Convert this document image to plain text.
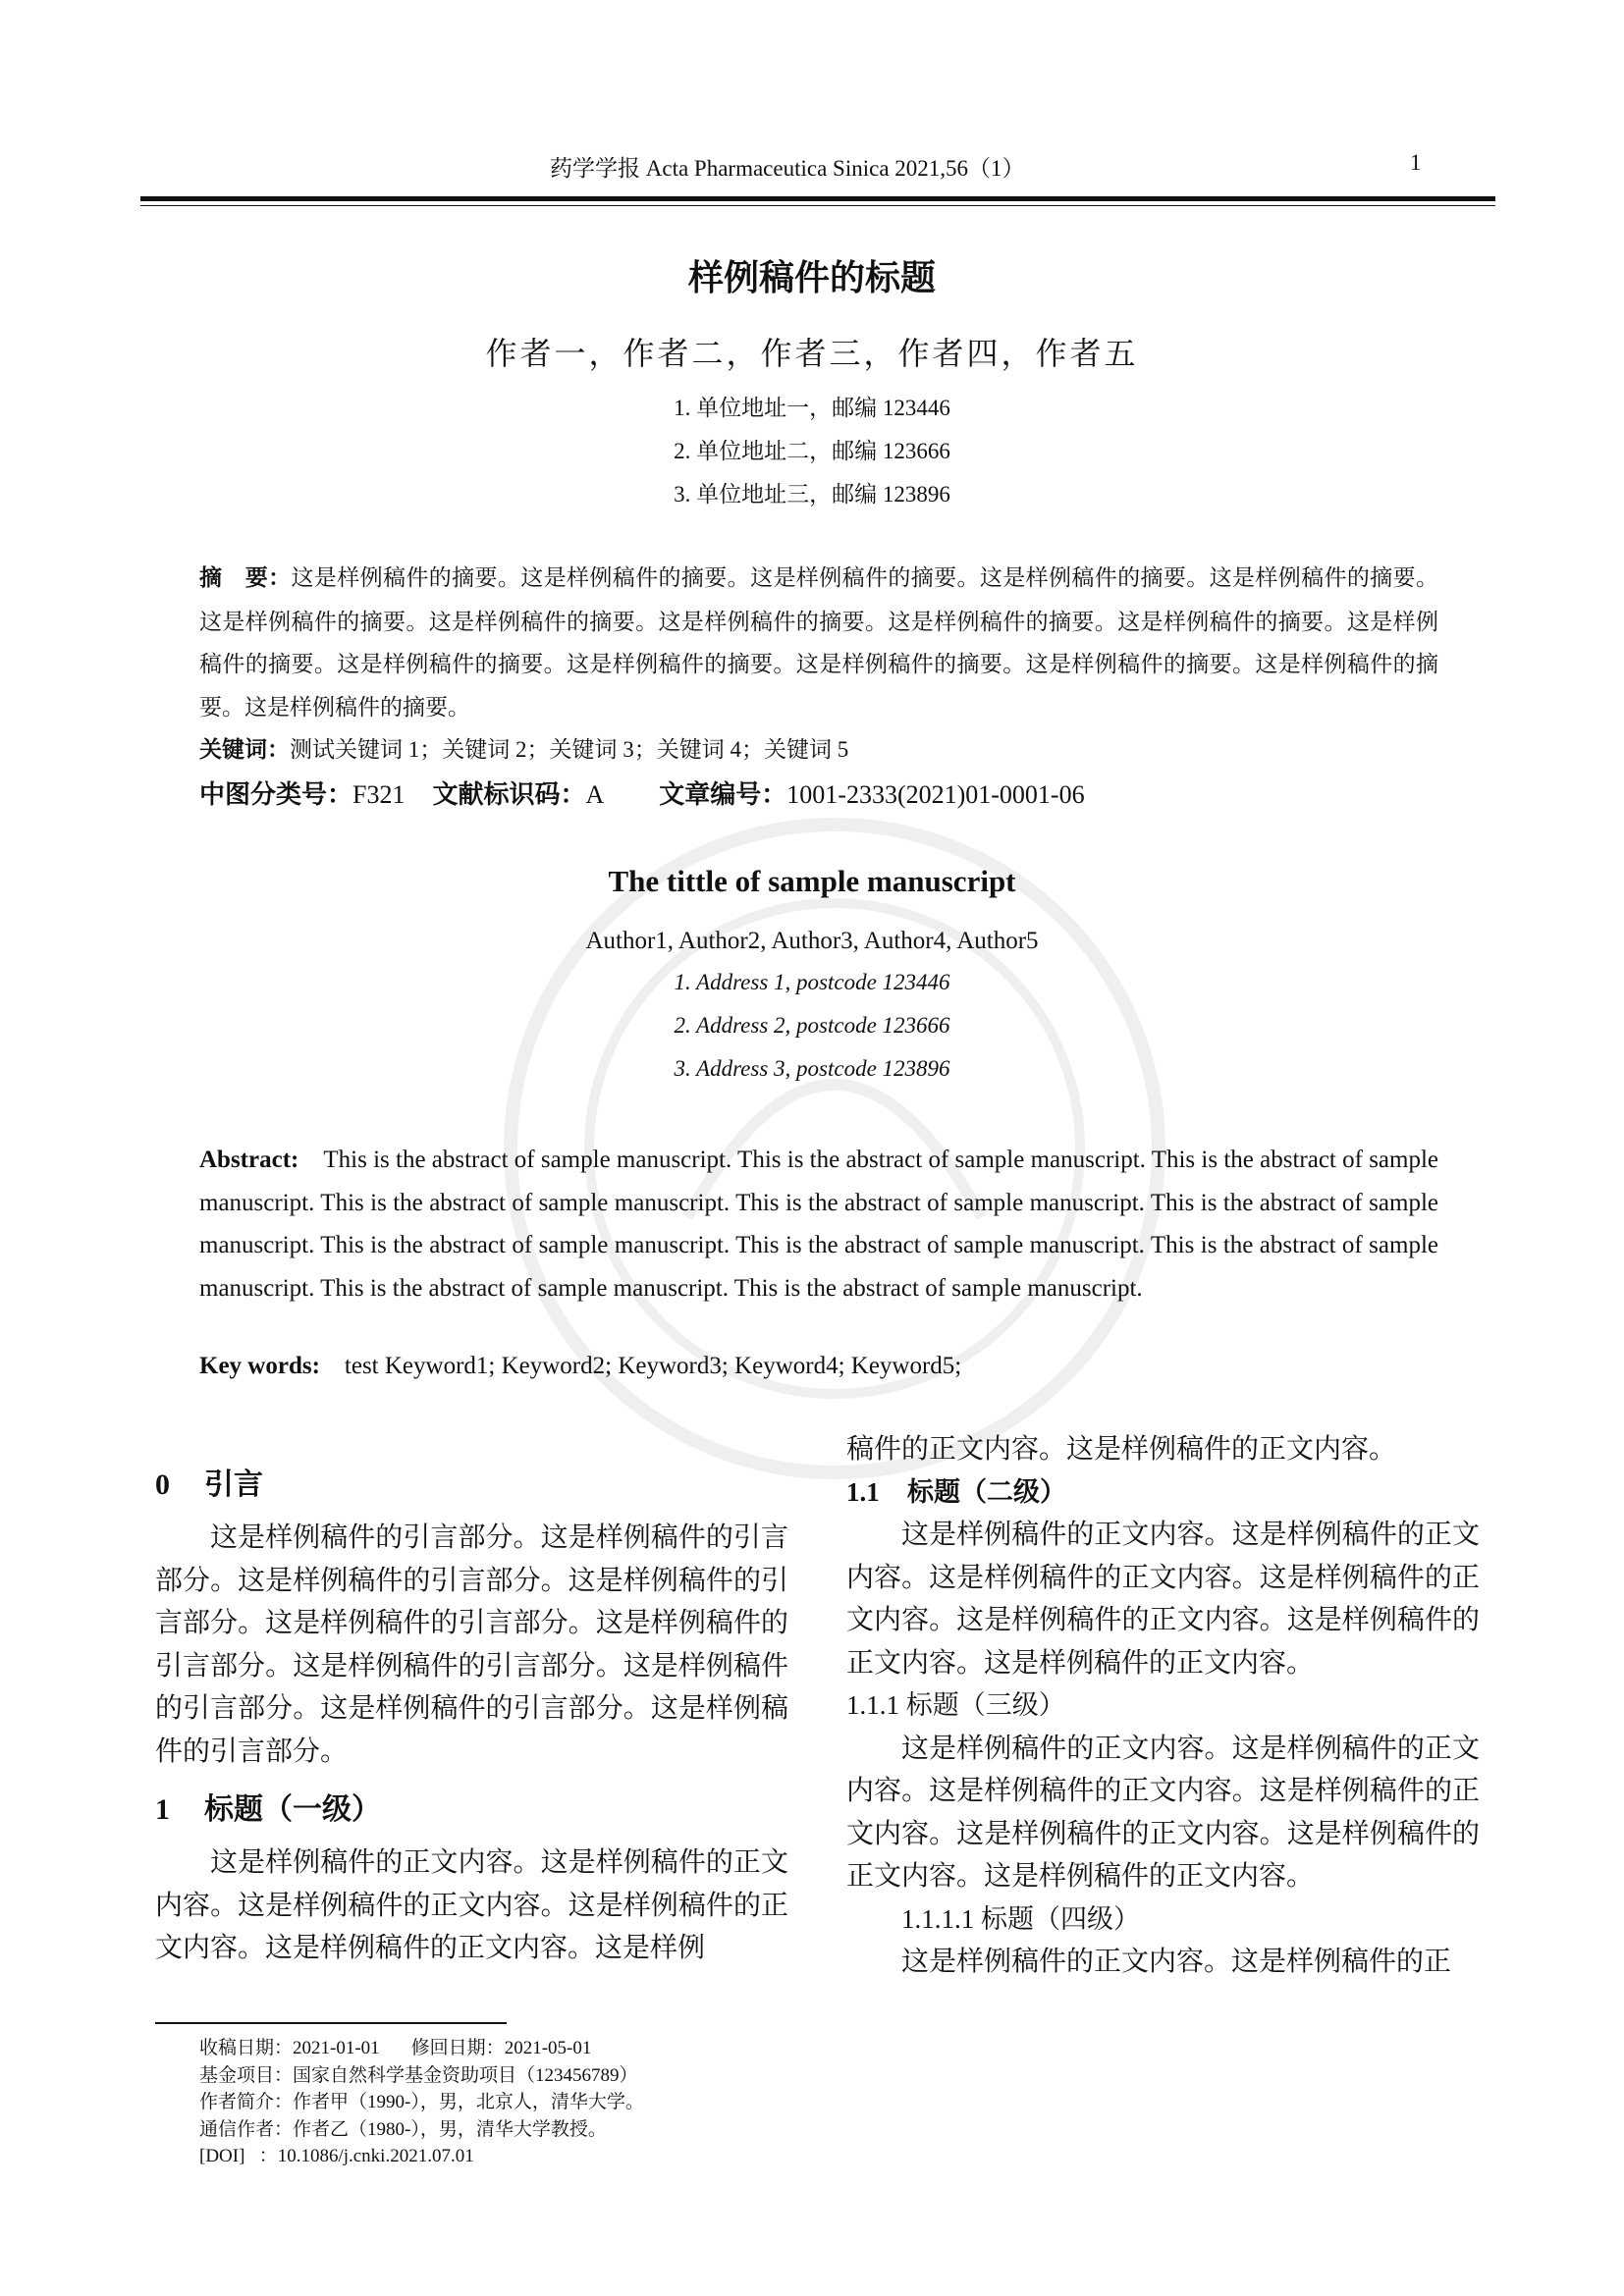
药学学报 Acta Pharmaceutica Sinica 2021,56（1）	1
样例稿件的标题
作者一，作者二，作者三，作者四，作者五
1. 单位地址一，邮编 123446
2. 单位地址二，邮编 123666
3. 单位地址三，邮编 123896
摘　要：这是样例稿件的摘要。这是样例稿件的摘要。这是样例稿件的摘要。这是样例稿件的摘要。这是样例稿件的摘要。这是样例稿件的摘要。这是样例稿件的摘要。这是样例稿件的摘要。这是样例稿件的摘要。这是样例稿件的摘要。这是样例稿件的摘要。这是样例稿件的摘要。这是样例稿件的摘要。这是样例稿件的摘要。这是样例稿件的摘要。这是样例稿件的摘要。这是样例稿件的摘要。
关键词：测试关键词 1；关键词 2；关键词 3；关键词 4；关键词 5
中图分类号：F321 文献标识码：A 文章编号：1001-2333(2021)01-0001-06
The tittle of sample manuscript
Author1, Author2, Author3, Author4, Author5
1. Address 1, postcode 123446
2. Address 2, postcode 123666
3. Address 3, postcode 123896
Abstract: This is the abstract of sample manuscript. This is the abstract of sample manuscript. This is the abstract of sample manuscript. This is the abstract of sample manuscript. This is the abstract of sample manuscript. This is the abstract of sample manuscript. This is the abstract of sample manuscript. This is the abstract of sample manuscript. This is the abstract of sample manuscript. This is the abstract of sample manuscript. This is the abstract of sample manuscript.
Key words: test Keyword1; Keyword2; Keyword3; Keyword4; Keyword5;
0 引言

这是样例稿件的引言部分。这是样例稿件的引言部分。这是样例稿件的引言部分。这是样例稿件的引言部分。这是样例稿件的引言部分。这是样例稿件的引言部分。这是样例稿件的引言部分。这是样例稿件的引言部分。这是样例稿件的引言部分。这是样例稿件的引言部分。

1 标题（一级）

这是样例稿件的正文内容。这是样例稿件的正文内容。这是样例稿件的正文内容。这是样例稿件的正文内容。这是样例稿件的正文内容。这是样例

稿件的正文内容。这是样例稿件的正文内容。

1.1 标题（二级）

这是样例稿件的正文内容。这是样例稿件的正文内容。这是样例稿件的正文内容。这是样例稿件的正文内容。这是样例稿件的正文内容。这是样例稿件的正文内容。这是样例稿件的正文内容。

1.1.1 标题（三级）

这是样例稿件的正文内容。这是样例稿件的正文内容。这是样例稿件的正文内容。这是样例稿件的正文内容。这是样例稿件的正文内容。这是样例稿件的正文内容。这是样例稿件的正文内容。

1.1.1.1 标题（四级）

这是样例稿件的正文内容。这是样例稿件的正

收稿日期：2021-01-01 修回日期：2021-05-01
基金项目：国家自然科学基金资助项目（123456789）
作者简介：作者甲（1990-），男，北京人，清华大学。
通信作者：作者乙（1980-），男，清华大学教授。
[DOI] ：10.1086/j.cnki.2021.07.01
